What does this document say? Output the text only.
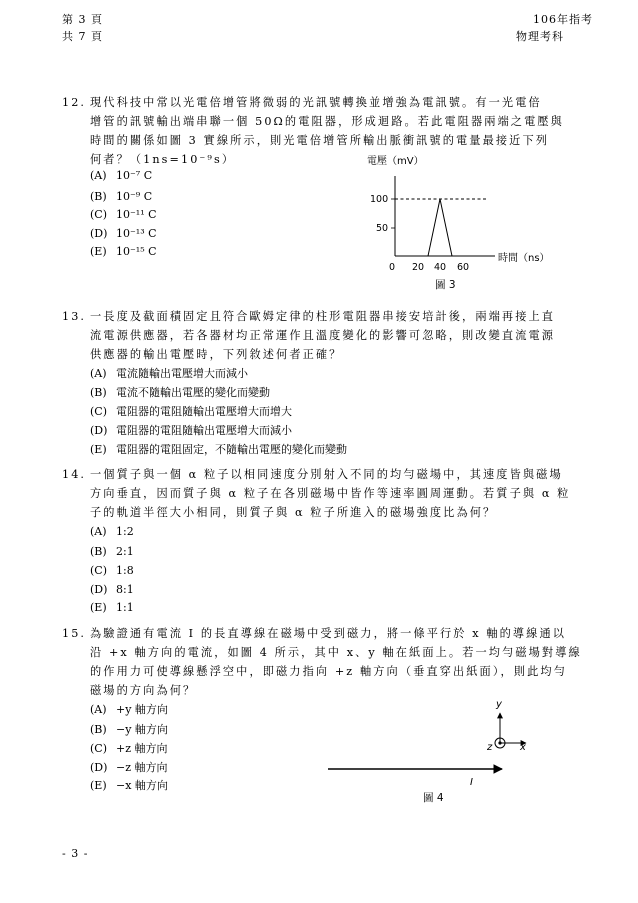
第 3 頁
共 7 頁
106年指考
物理考科
12. 現代科技中常以光電倍增管將微弱的光訊號轉換並增強為電訊號。有一光電倍
增管的訊號輸出端串聯一個 50Ω的電阻器，形成迴路。若此電阻器兩端之電壓與
時間的關係如圖 3 實線所示，則光電倍增管所輸出脈衝訊號的電量最接近下列
何者？（1ns=10⁻⁹s）
(A) 10⁻⁷ C
(B) 10⁻⁹ C
(C) 10⁻¹¹ C
(D) 10⁻¹³ C
(E) 10⁻¹⁵ C
電壓（mV）
時間（ns）
100
50
0 20 40 60
圖 3
13. 一長度及截面積固定且符合歐姆定律的柱形電阻器串接安培計後，兩端再接上直
流電源供應器，若各器材均正常運作且溫度變化的影響可忽略，則改變直流電源
供應器的輸出電壓時，下列敘述何者正確？
(A) 電流隨輸出電壓增大而減小
(B) 電流不隨輸出電壓的變化而變動
(C) 電阻器的電阻隨輸出電壓增大而增大
(D) 電阻器的電阻隨輸出電壓增大而減小
(E) 電阻器的電阻固定，不隨輸出電壓的變化而變動
14. 一個質子與一個 α 粒子以相同速度分別射入不同的均勻磁場中，其速度皆與磁場
方向垂直，因而質子與 α 粒子在各別磁場中皆作等速率圓周運動。若質子與 α 粒
子的軌道半徑大小相同，則質子與 α 粒子所進入的磁場強度比為何？
(A) 1:2
(B) 2:1
(C) 1:8
(D) 8:1
(E) 1:1
15. 為驗證通有電流 I 的長直導線在磁場中受到磁力，將一條平行於 x 軸的導線通以
沿 +x 軸方向的電流，如圖 4 所示，其中 x、y 軸在紙面上。若一均勻磁場對導線
的作用力可使導線懸浮空中，即磁力指向 +z 軸方向（垂直穿出紙面），則此均勻
磁場的方向為何？
(A) +y 軸方向
(B) −y 軸方向
(C) +z 軸方向
(D) −z 軸方向
(E) −x 軸方向
y
z	x
I
圖 4
- 3 -
